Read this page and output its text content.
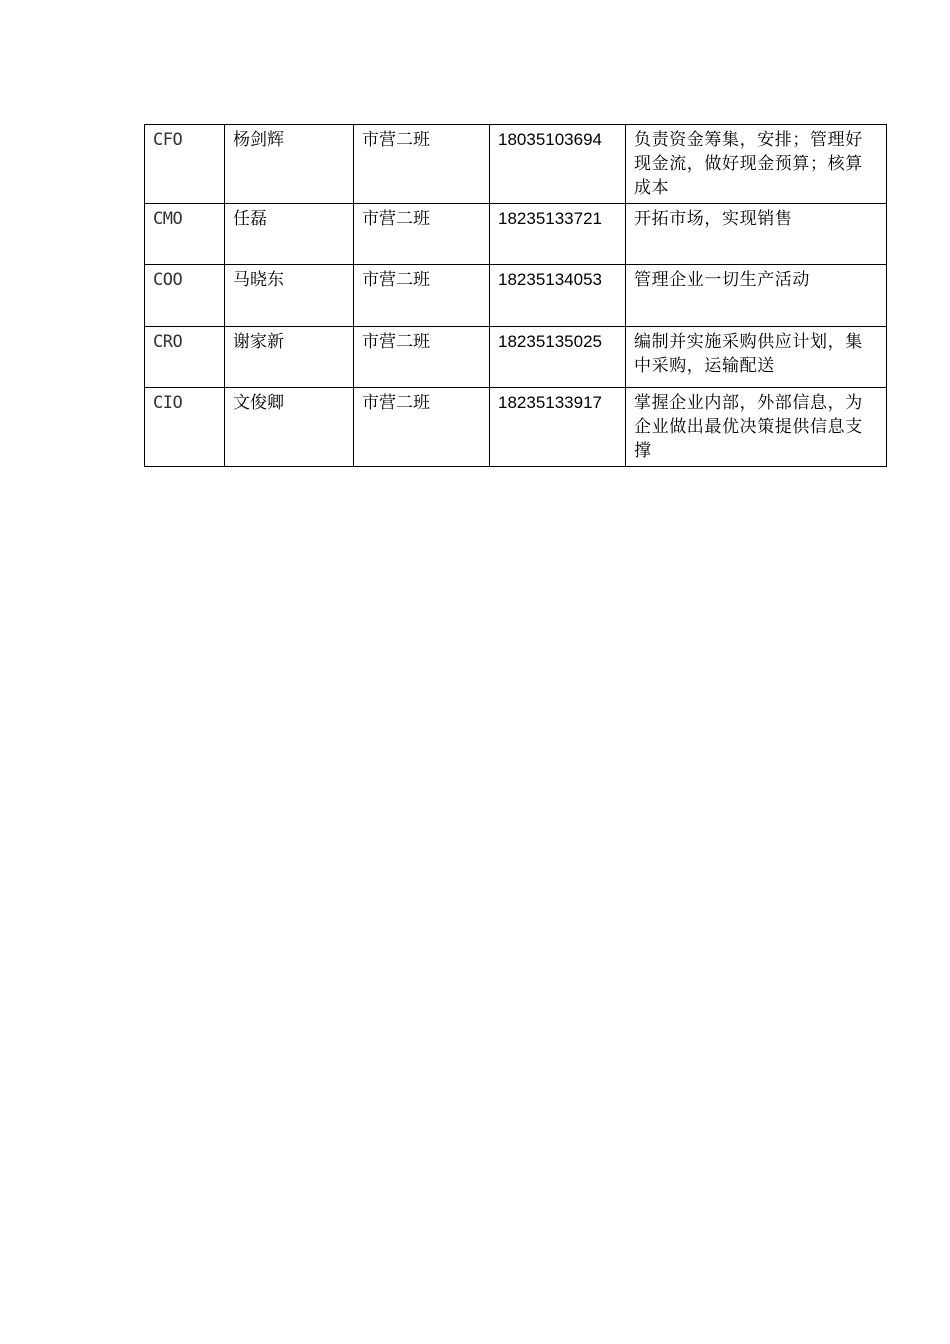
CFO	杨剑辉	市营二班	18035103694	负责资金筹集，安排；管理好现金流，做好现金预算；核算成本
CMO	任磊	市营二班	18235133721	开拓市场，实现销售
COO	马晓东	市营二班	18235134053	管理企业一切生产活动
CRO	谢家新	市营二班	18235135025	编制并实施采购供应计划，集中采购，运输配送
CIO	文俊卿	市营二班	18235133917	掌握企业内部，外部信息，为企业做出最优决策提供信息支撑
